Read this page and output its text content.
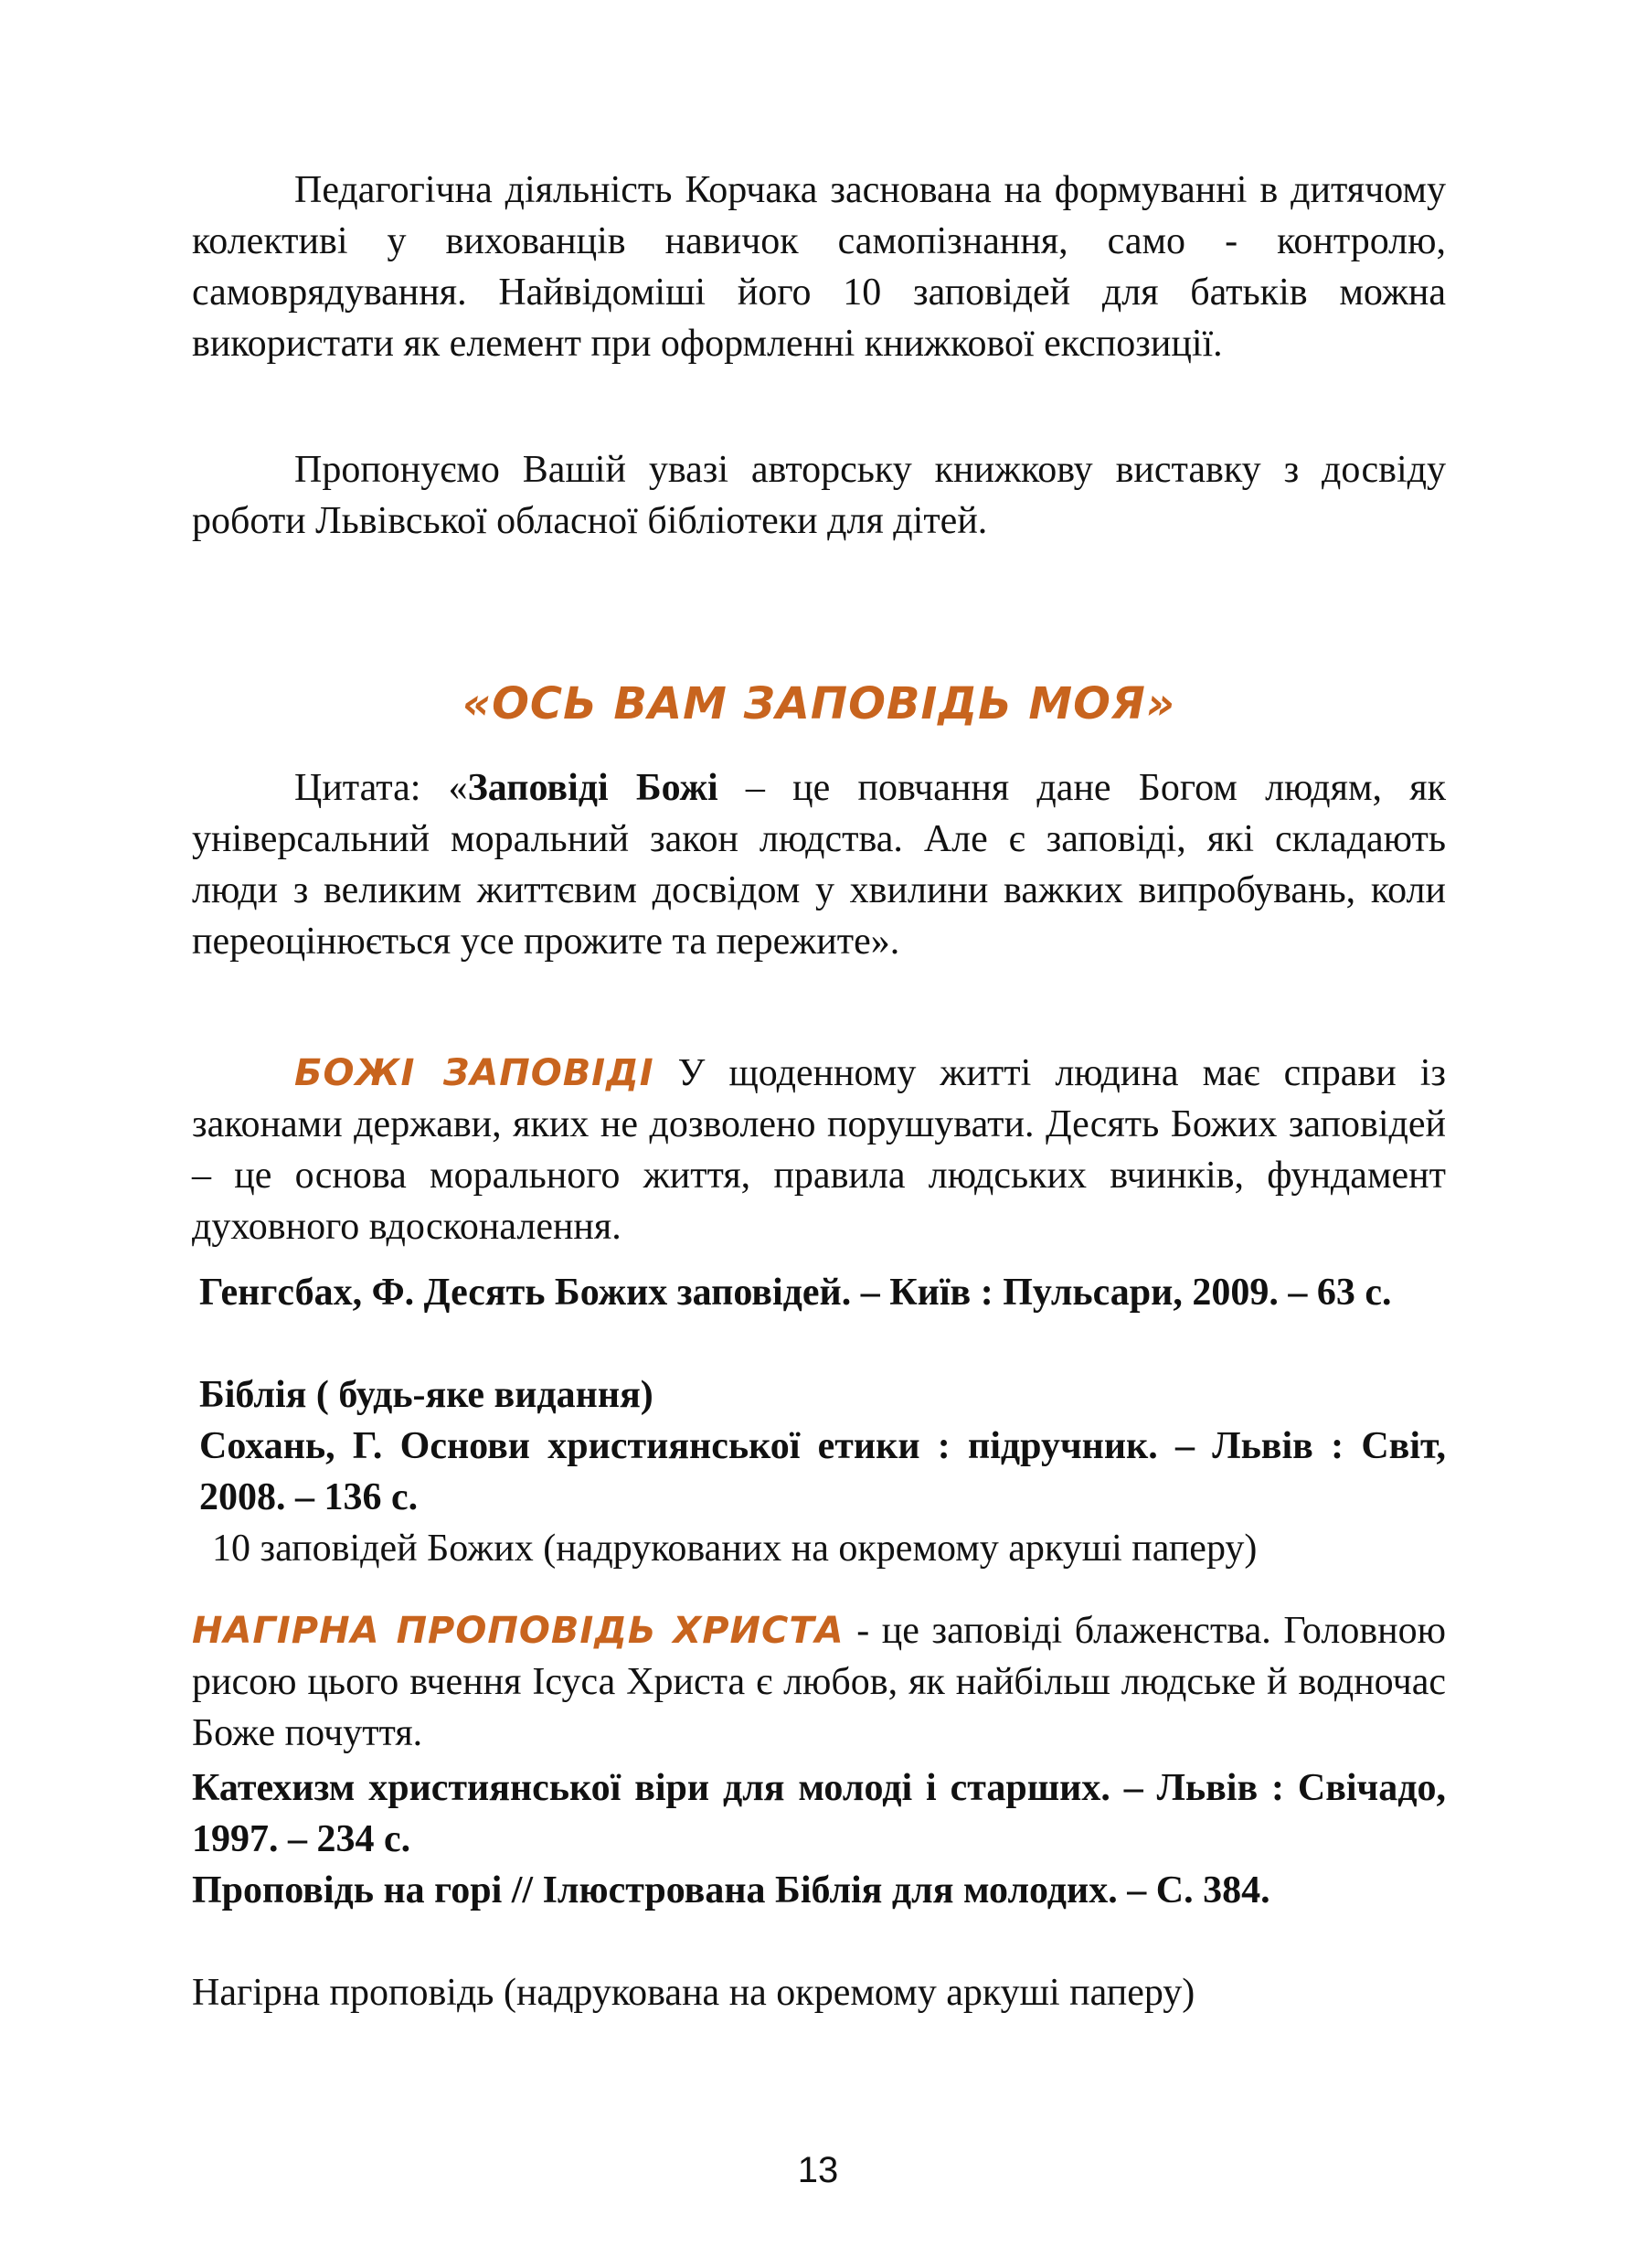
Педагогічна діяльність Корчака заснована на формуванні в дитячому колективі у вихованців навичок самопізнання, само - контролю, самоврядування. Найвідоміші його 10 заповідей для батьків можна використати як елемент при оформленні книжкової експозиції.

Пропонуємо Вашій увазі авторську книжкову виставку з досвіду роботи Львівської обласної бібліотеки для дітей.

«ОСЬ ВАМ ЗАПОВІДЬ МОЯ»

Цитата: «Заповіді Божі – це повчання дане Богом людям, як універсальний моральний закон людства. Але є заповіді, які складають люди з великим життєвим досвідом у хвилини важких випробувань, коли переоцінюється усе прожите та пережите».

БОЖІ ЗАПОВІДІ У щоденному житті людина має справи із законами держави, яких не дозволено порушувати. Десять Божих заповідей – це основа морального життя, правила людських вчинків, фундамент духовного вдосконалення.

Генгсбах, Ф. Десять Божих заповідей. – Київ : Пульсари, 2009. – 63 с.

Біблія ( будь-яке видання)

Сохань, Г. Основи християнської етики : підручник. – Львів : Світ, 2008. – 136 с.

10 заповідей Божих (надрукованих на окремому аркуші паперу)

НАГІРНА ПРОПОВІДЬ ХРИСТА - це заповіді блаженства. Головною рисою цього вчення Ісуса Христа є любов, як найбільш людське й водночас Боже почуття.

Катехизм християнської віри для молоді і старших. – Львів : Свічадо, 1997. – 234 с.

Проповідь на горі // Ілюстрована Біблія для молодих. – С. 384.

Нагірна проповідь (надрукована на окремому аркуші паперу)

13
